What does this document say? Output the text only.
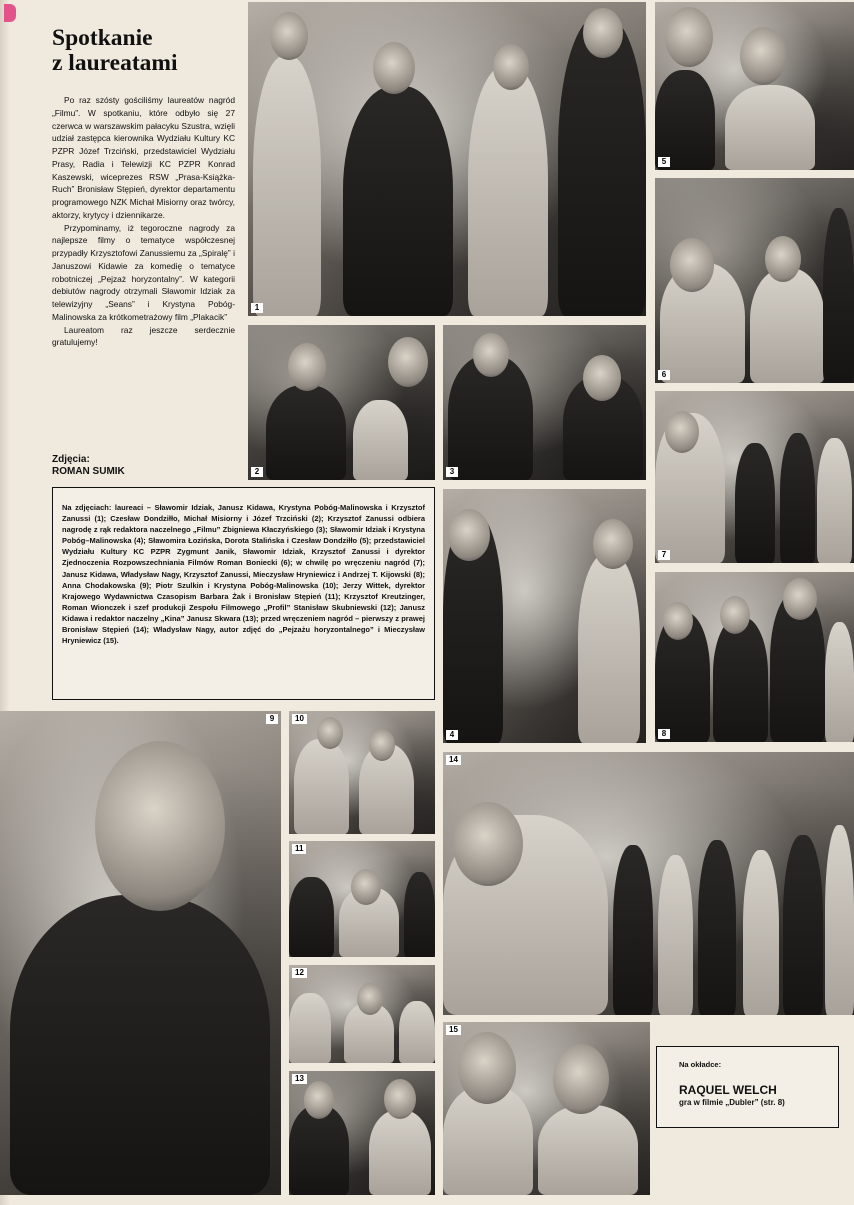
Spotkanie
z laureatami

Po raz szósty gościliśmy laureatów nagród „Filmu”. W spotkaniu, które odbyło się 27 czerwca w warszawskim pałacyku Szustra, wzięli udział zastępca kierownika Wydziału Kultury KC PZPR Józef Trzciński, przedstawiciel Wydziału Prasy, Radia i Telewizji KC PZPR Konrad Kaszewski, wiceprezes RSW „Prasa-Książka-Ruch” Bronisław Stępień, dyrektor departamentu programowego NZK Michał Misiorny oraz twórcy, aktorzy, krytycy i dziennikarze.

Przypominamy, iż tegoroczne nagrody za najlepsze filmy o tematyce współczesnej przypadły Krzysztofowi Zanussiemu za „Spiralę” i Januszowi Kidawie za komedię o tematyce robotniczej „Pejzaż horyzontalny”. W kategorii debiutów nagrody otrzymali Sławomir Idziak za telewizyjny „Seans” i Krystyna Pobóg-Malinowska za krótkometrażowy film „Plakacik”

Laureatom raz jeszcze serdecznie gratulujemy!

Zdjęcia:
ROMAN SUMIK
1
5
6
2	3
7

Na zdjęciach: laureaci – Sławomir Idziak, Janusz Kidawa, Krystyna Pobóg-Malinowska i Krzysztof Zanussi (1); Czesław Dondziłło, Michał Misiorny i Józef Trzciński (2); Krzysztof Zanussi odbiera nagrodę z rąk redaktora naczelnego „Filmu” Zbigniewa Kłaczyńskiego (3); Sławomir Idziak i Krystyna Pobóg–Malinowska (4); Sławomira Łozińska, Dorota Stalińska i Czesław Dondziłło (5); przedstawiciel Wydziału Kultury KC PZPR Zygmunt Janik, Sławomir Idziak, Krzysztof Zanussi i dyrektor Zjednoczenia Rozpowszechniania Filmów Roman Boniecki (6); w chwilę po wręczeniu nagród (7); Janusz Kidawa, Władysław Nagy, Krzysztof Zanussi, Mieczysław Hryniewicz i Andrzej T. Kijowski (8); Anna Chodakowska (9); Piotr Szulkin i Krystyna Pobóg-Malinowska (10); Jerzy Wittek, dyrektor Krajowego Wydawnictwa Czasopism Barbara Żak i Bronisław Stępień (11); Krzysztof Kreutzinger, Roman Wionczek i szef produkcji Zespołu Filmowego „Profil” Stanisław Skubniewski (12); Janusz Kidawa i redaktor naczelny „Kina” Janusz Skwara (13); przed wręczeniem nagród – pierwszy z prawej Bronisław Stępień (14); Władysław Nagy, autor zdjęć do „Pejzażu horyzontalnego” i Mieczysław Hryniewicz (15).

4	8
9	10
11
12
13
14
15

Na okładce:

RAQUEL WELCH

gra w filmie „Dubler” (str. 8)
